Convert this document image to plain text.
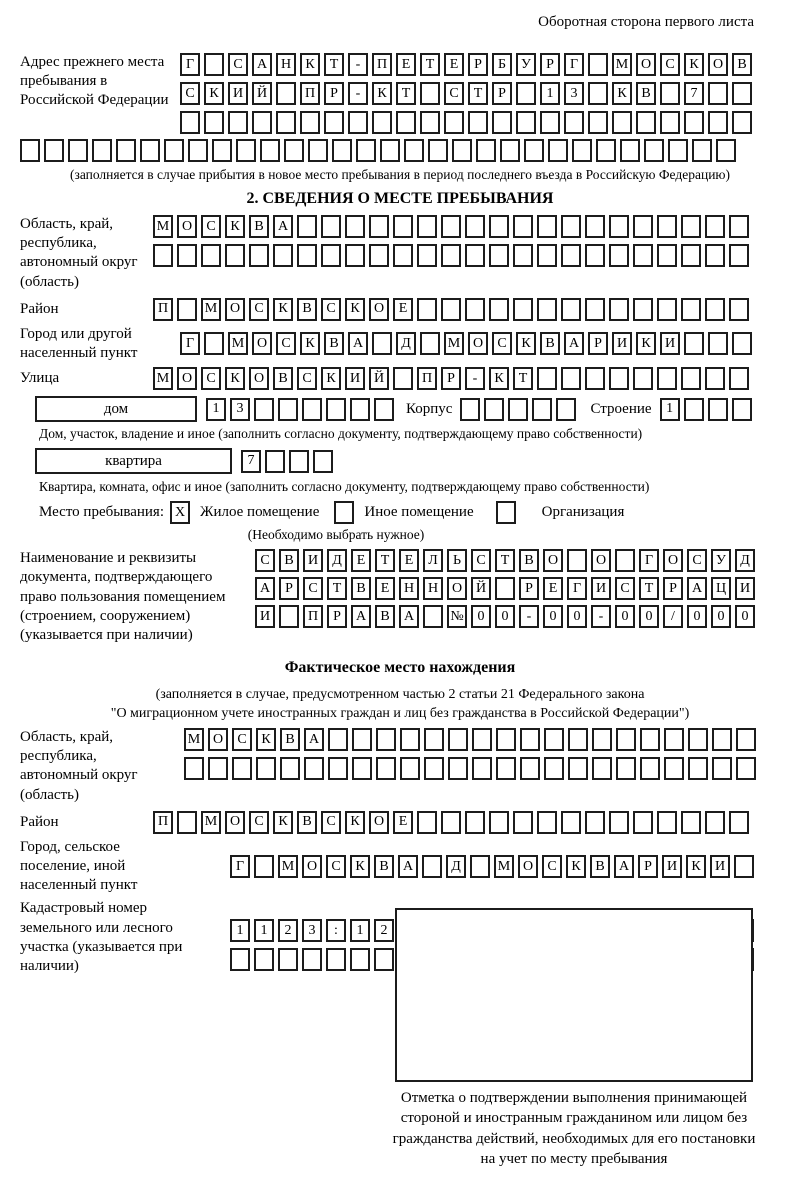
Оборотная сторона первого листа
Адрес прежнего места пребывания в Российской Федерации
Г	С	А Н	К	Т	-	П	Е	Т	Е	Р	Б	У	Р	Г	М О	С	К	О	В
С	К	И Й	П	Р	-	К	Т	С	Т	Р	1	3	К	В	7
(заполняется в случае прибытия в новое место пребывания в период последнего въезда в Российскую Федерацию)
2. СВЕДЕНИЯ О МЕСТЕ ПРЕБЫВАНИЯ
Область, край, республика, автономный округ (область)
М О	С	К	В	А
Район	П	М О	С	К	В	С	К	О	Е
Город или другой населенный пункт
Г	М О	С	К	В	А	Д	М О	С	К	В	А	Р	И	К	И
Улица	М О	С	К	О	В	С	К	И Й	П	Р	-	К	Т
дом	1	3	Корпус	Строение	1
Дом, участок, владение и иное (заполнить согласно документу, подтверждающему право собственности)
квартира	7
Квартира, комната, офис и иное (заполнить согласно документу, подтверждающему право собственности)
Место пребывания: X Жилое помещение	Иное помещение	Организация
(Необходимо выбрать нужное)
Наименование и реквизиты документа, подтверждающего право пользования помещением (строением, сооружением) (указывается при наличии)
С	В	И	Д	Е	Т	Е	Л	Ь	С	Т	В	О	О	Г	О	С	У	Д
А	Р	С	Т	В	Е	Н Н О Й	Р	Е	Г	И	С	Т	Р	А Ц И
И	П	Р	А	В	А	№ 0	0	-	0	0	-	0	0	/	0	0	0
Фактическое место нахождения
(заполняется в случае, предусмотренном частью 2 статьи 21 Федерального закона
"О миграционном учете иностранных граждан и лиц без гражданства в Российской Федерации")
Область, край, республика, автономный округ (область)
М О	С	К	В	А
Район	П	М О	С	К	В	С	К	О	Е
Город, сельское поселение, иной населенный пункт
Г	М О	С	К	В	А	Д	М О	С	К	В	А	Р	И	К	И
Кадастровый номер земельного или лесного участка (указывается при наличии)
1	1	2	3	:	1	2
Отметка о подтверждении выполнения принимающей
стороной и иностранным гражданином или лицом без
гражданства действий, необходимых для его постановки
на учет по месту пребывания
